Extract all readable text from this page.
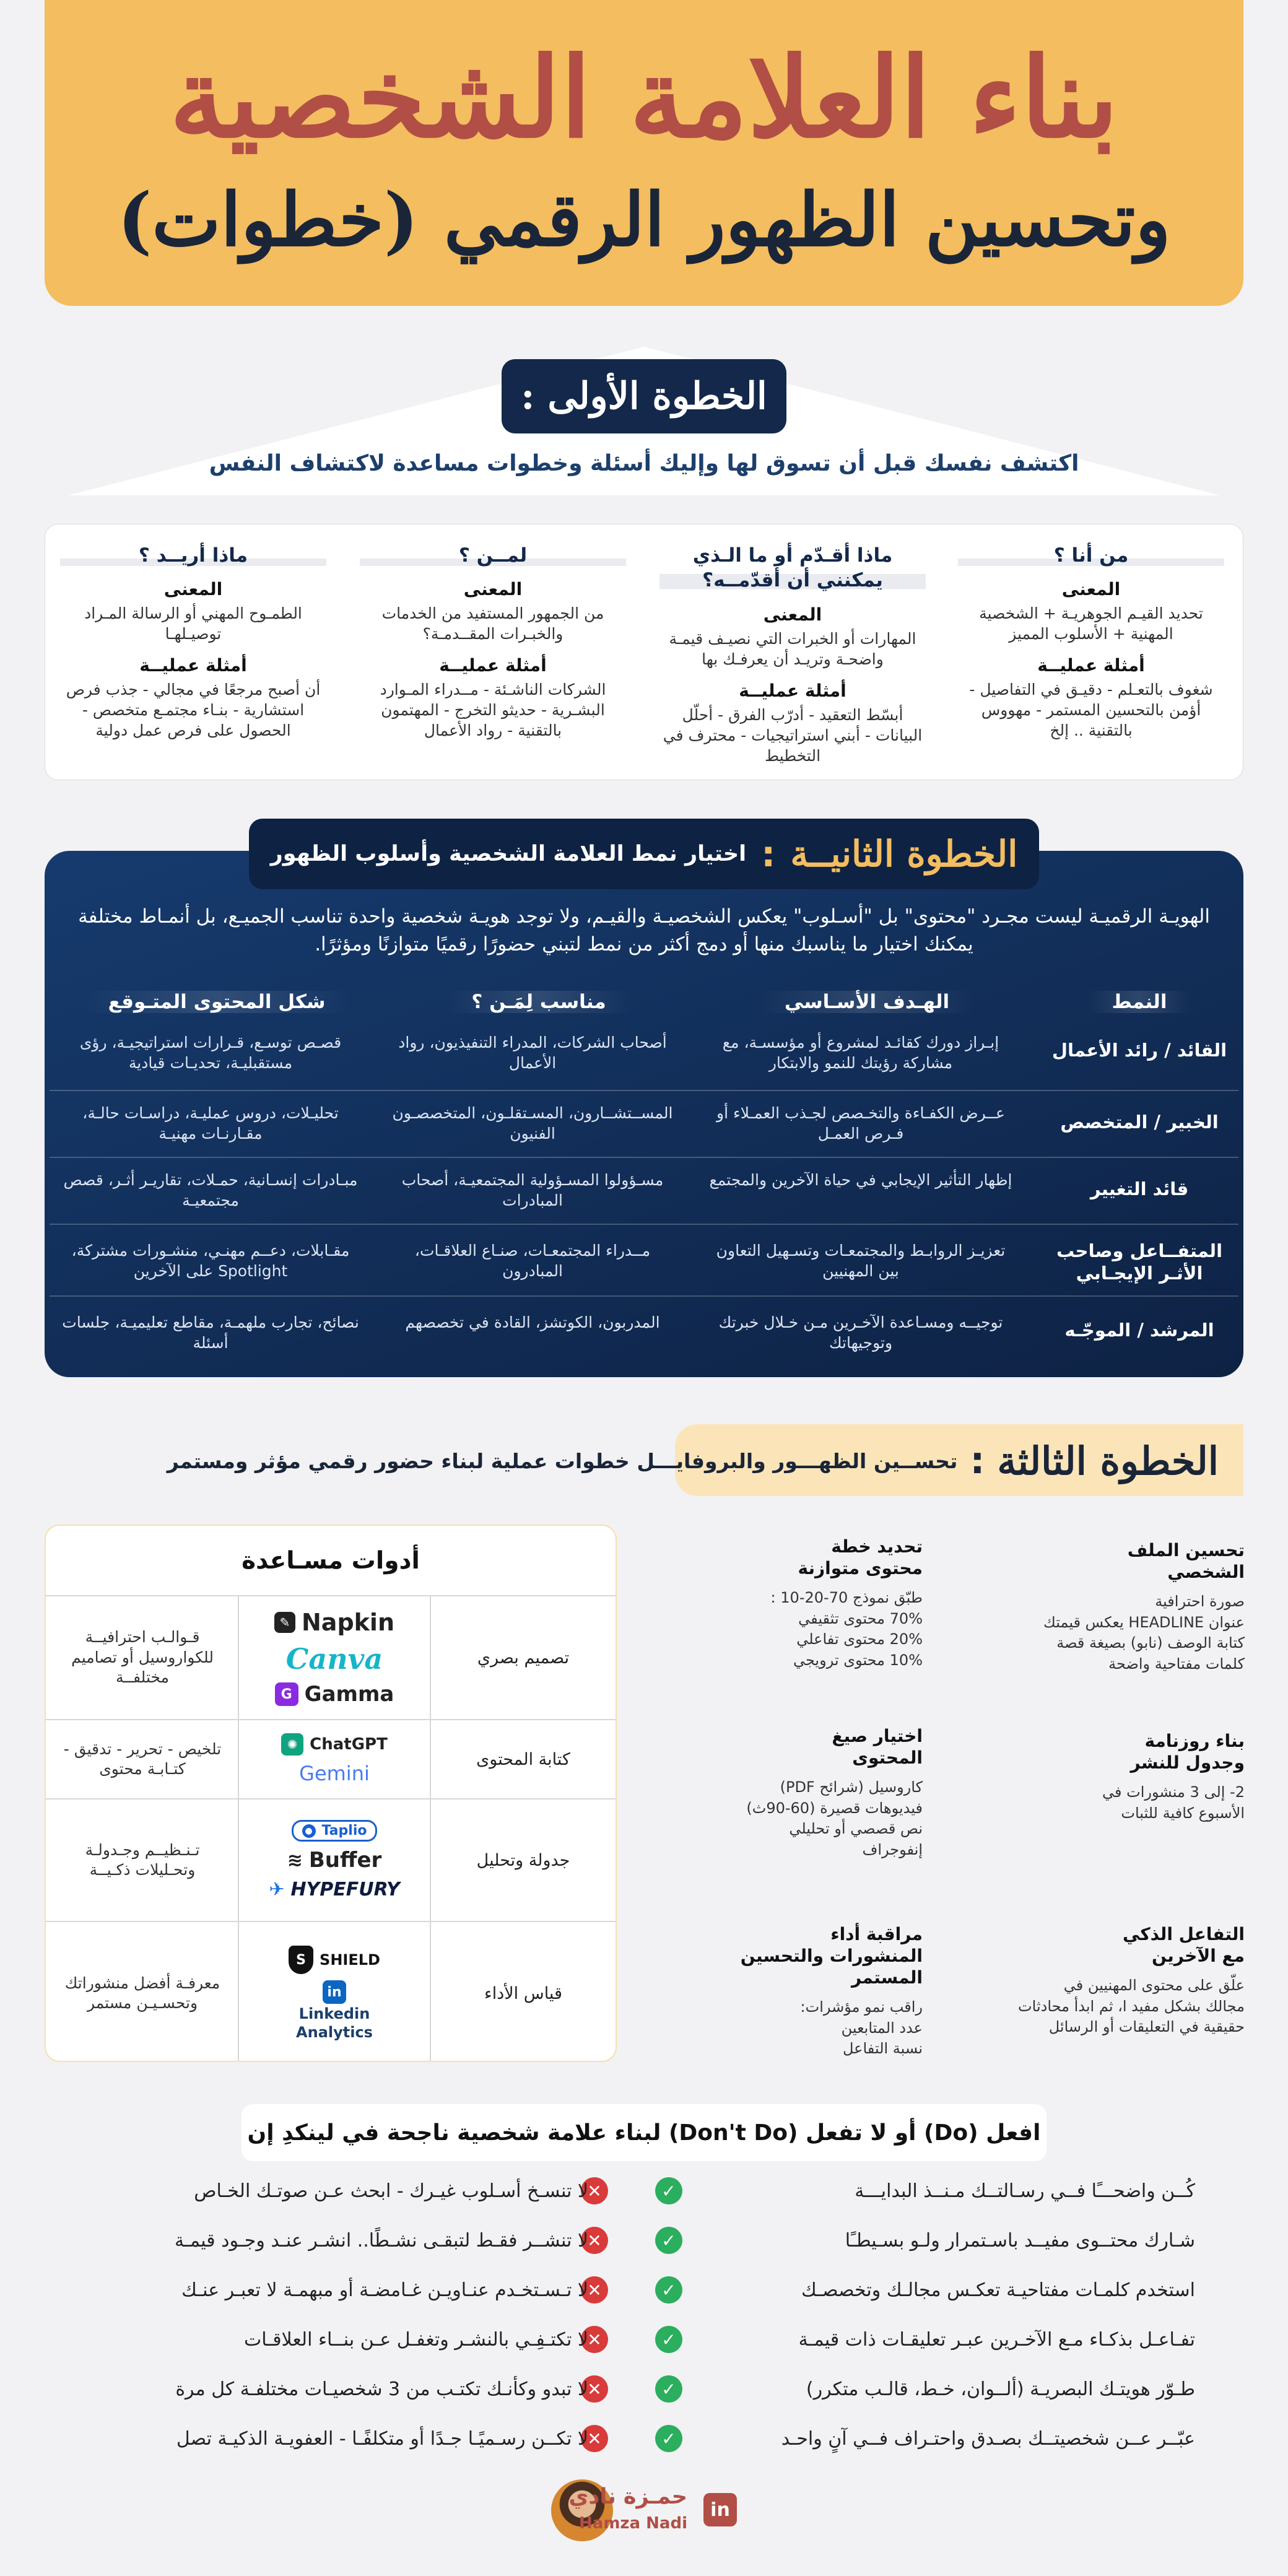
بناء العلامة الشخصية
وتحسين الظهور الرقمي (خطوات)
الخطوة الأولى :
اكتشف نفسك قبل أن تسوق لها وإليك أسئلة وخطوات مساعدة لاكتشاف النفس
من أنا ؟
المعنى
تحديد القيـم الجوهريـة + الشخصية المهنية + الأسلوب المميز
أمثلة عمليــة
شغوف بالتعـلم - دقيـق في التفاصيل - أؤمن بالتحسين المستمر - مهووس بالتقنية .. إلخ
ماذا أقـدّم أو ما الـذي يمكنني أن أقدّمــه؟
المعنى
المهارات أو الخبرات التي نصيـف قيمـة واضحـة وتريـد أن يعرفـك بها
أمثلة عمليــة
أبسّط التعقيد - أدرّب الفرق - أحلّل البيانات - أبني استراتيجيات - محترف في التخطيط
لمــن ؟
المعنى
من الجمهور المستفيد من الخدمات والخبـرات المقــدمـة؟
أمثلة عمليــة
الشركات الناشـئة - مــدراء المـوارد البشـرية - حديثو التخرج - المهتمون بالتقنية - رواد الأعمال
ماذا أريــد ؟
المعنى
الطمـوح المهني أو الرسالة المـراد توصيـلهـا
أمثلة عمليــة
أن أصبح مرجعًا في مجالي - جذب فرص استشارية - بنـاء مجتمـع متخصص - الحصول على فرص عمل دولية
الخطوة الثانيــة
:
اختيار نمط العلامة الشخصية وأسلوب الظهور
الهويـة الرقميـة ليست مجـرد "محتوى" بل "أسـلوب" يعكس الشخصيـة والقيـم، ولا توجد هويـة شخصية واحدة تناسب الجميـع، بل أنمـاط مختلفة يمكنك اختيار ما يناسبك منها أو دمج أكثر من نمط لتبني حضورًا رقميًا متوازنًا ومؤثرًا.
النمط
الهـدف الأسـاسي
مناسب لِمَـن ؟
شكل المحتوى المتـوقع
القائد / رائد الأعمال
إبـراز دورك كقائـد لمشروع أو مؤسسـة، مع مشاركة رؤيتك للنمو والابتكار
أصحاب الشركات، المدراء التنفيذيون، رواد الأعمال
قصـص توسـع، قـرارات استراتيجيـة، رؤى مستقبليـة، تحديـات قيادية
الخبير / المتخصص
عــرض الكفـاءة والتخـصص لجـذب العمـلاء أو فـرص العمـل
المســتشــارون، المسـتقلـون، المتخصصـون الفنيون
تحليـلات، دروس عمليـة، دراسـات حالـة، مقـارنـات مهنيـة
قائد التغيير
إظهار التأثير الإيجابي في حياة الآخرين والمجتمع
مسـؤولوا المسـؤولية المجتمعيـة، أصحاب المبادرات
مبـادرات إنسـانية، حمـلات، تقاريـر أثـر، قصص مجتمعيـة
المتفــاعل وصاحب الأثـر الإيجـابي
تعزيـز الروابـط والمجتمعـات وتسـهيل التعاون بين المهنيين
مــدراء المجتمعـات، صنـاع العلاقـات، المبادرون
مقـابلات، دعــم مهنـي، منشـورات مشتركة، Spotlight على الآخرين
المرشد / الموجّـه
توجيــه ومسـاعدة الآخـرين مـن خـلال خبرتك وتوجيهاتك
المدربون، الكوتشز، القادة في تخصصهم
نصائح، تجارب ملهمـة، مقاطع تعليميـة، جلسات أسئلة
الخطوة الثالثة
:
تحســين الظهـــور والبروفايـــل خطوات عملية لبناء حضور رقمي مؤثر ومستمر
تحسين الملف
الشخصي
صورة احترافية
عنوان HEADLINE يعكس قيمتك
كتابة الوصف (نابو) بصيغة قصة
كلمات مفتاحية واضحة
تحديد خطة
محتوى متوازنة
طبّق نموذج 70-20-10 :
70% محتوى تثقيفي
20% محتوى تفاعلي
10% محتوى ترويجي
بناء روزنامة
وجدول للنشر
2- إلى 3 منشورات في
الأسبوع كافية للثبات
اختيار صيغ
المحتوى
كاروسيل (شرائح PDF)
فيديوهات قصيرة (60-90ث)
نص قصصي أو تحليلي
إنفوجراف
التفاعل الذكي
مع الآخرين
علّق على محتوى المهنيين في
مجالك بشكل مفيد ا، ثم ابدأ محادثات
حقيقية في التعليقات أو الرسائل
مراقبة أداء
المنشورات والتحسين
المستمر
راقب نمو مؤشرات:
عدد المتابعين
نسبة التفاعل
أدوات مسـاعدة
تصميم بصري
✎ Napkin
Canva
G Gamma
قـوالـب احترافيــة للكواروسيل أو تصاميم مختلفــة
كتابة المحتوى
✺ ChatGPT
Gemini
تلخيص - تحرير - تدقيق - كتـابـة محتوى
جدولة وتحليل
● Taplio
≋ Buffer
✈ HYPEFURY
تـنـظيــم وجـدولـة وتحـليلات ذكـيــة
قياس الأداء
S SHIELD
in
Linkedin
Analytics
معرفـة أفضل منشوراتك وتحسـيـن مستمر
افعل (Do) أو لا تفعل (Don't Do) لبناء علامة شخصية ناجحة في لينكدِ إن
كُــن واضحـــًا فــي رسـالتــك مـنــذ البدايـــة
✓
✕
لا تنسـخ أسـلوب غيـرك - ابحث عـن صوتـك الخـاص
شـارك محتــوى مفيــد باسـتمرار ولـو بسـيطـًا
✓
✕
لا تنشــر فقـط لتبقـى نشـطًا.. انشـر عنـد وجـود قيمـة
استخدم كلمـات مفتاحيـة تعكـس مجالـك وتخصصـك
✓
✕
لا تـسـتخـدم عنـاويـن غـامضـة أو مبهمـة لا تعبـر عنـك
تفـاعـل بذكـاء مـع الآخـرين عبـر تعليقـات ذات قيمـة
✓
✕
لا تكتـفِـي بالنشـر وتغفـل عـن بنــاء العلاقـات
طـوّر هويتـك البصريـة (ألــوان، خـط، قالـب متكرر)
✓
✕
لا تبدو وكأنـك تكتـب من 3 شخصيـات مختلفـة كل مرة
عبّــر عــن شخصيتــك بصـدق واحتـراف فــي آنٍ واحـد
✓
✕
لا تكــن رسـميًـا جـدًا أو متكلفًـا - العفويـة الذكيـة تصل
حمـزة نادي
Hamza Nadi
in
